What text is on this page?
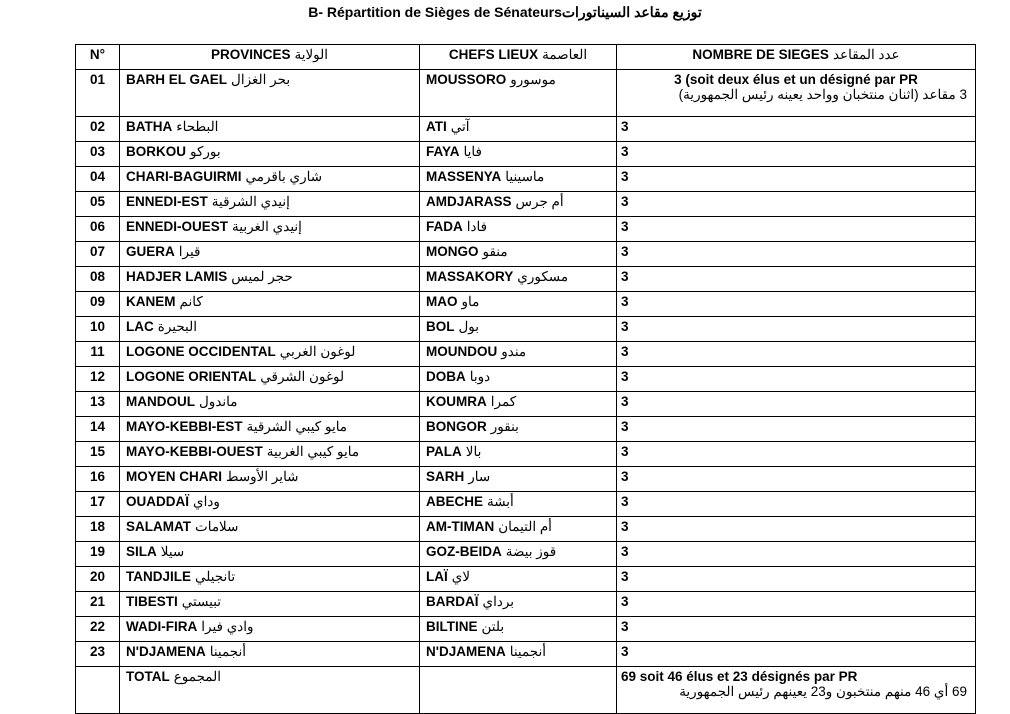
B- Répartition de Sièges de Sénateursتوزيع مقاعد السيناتورات
N°	PROVINCES الولاية	CHEFS LIEUX العاصمة	NOMBRE DE SIEGES عدد المقاعد
01	BARH EL GAEL بحر الغزال	MOUSSORO موسورو	3 (soit deux élus et un désigné par PR
3 مقاعد (اثنان منتخبان وواحد يعينه رئيس الجمهورية)

02	BATHA البطحاء	ATI آتي	3
03	BORKOU بوركو	FAYA فايا	3
04	CHARI-BAGUIRMI شاري باقرمي	MASSENYA ماسينيا	3
05	ENNEDI-EST إنيدي الشرقية	AMDJARASS أم جرس	3
06	ENNEDI-OUEST إنيدي الغربية	FADA فادا	3
07	GUERA قيرا	MONGO منقو	3
08	HADJER LAMIS حجر لميس	MASSAKORY مسكوري	3
09	KANEM كانم	MAO ماو	3
10	LAC البحيرة	BOL بول	3
11	LOGONE OCCIDENTAL لوغون الغربي	MOUNDOU مندو	3
12	LOGONE ORIENTAL لوغون الشرقي	DOBA دوبا	3
13	MANDOUL ماندول	KOUMRA كمرا	3
14	MAYO-KEBBI-EST مايو كيبي الشرقية	BONGOR بنقور	3
15	MAYO-KEBBI-OUEST مايو كيبي الغربية	PALA بالا	3
16	MOYEN CHARI شاير الأوسط	SARH سار	3
17	OUADDAÏ وداي	ABECHE أبشة	3
18	SALAMAT سلامات	AM-TIMAN أم التيمان	3
19	SILA سيلا	GOZ-BEIDA قوز بيضة	3
20	TANDJILE تانجيلي	LAÏ لاي	3
21	TIBESTI تبيستي	BARDAÏ برداي	3
22	WADI-FIRA وادي فيرا	BILTINE بلتن	3
23	N'DJAMENA أنجمينا	N'DJAMENA أنجمينا	3
	TOTAL المجموع		69 soit 46 élus et 23 désignés par PR
69 أي 46 منهم منتخبون و23 يعينهم رئيس الجمهورية
